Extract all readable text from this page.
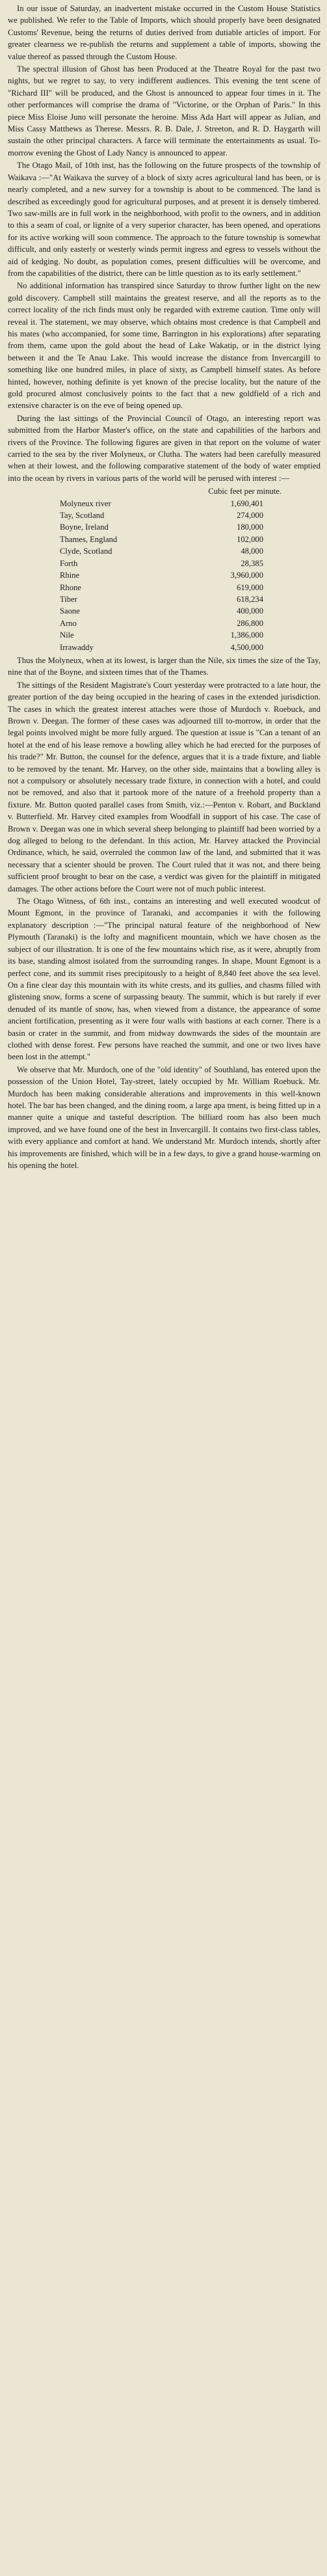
In our issue of Saturday, an inadvertent mistake occurred in the Custom House Statistics we published. We refer to the Table of Imports, which should properly have been designated Customs' Revenue, being the returns of duties derived from dutiable articles of import. For greater clearness we re-publish the returns and supplement a table of imports, showing the value thereof as passed through the Custom House.

The spectral illusion of Ghost has been Produced at the Theatre Royal for the past two nights, but we regret to say, to very indifferent audiences. This evening the tent scene of "Richard III" will be produced, and the Ghost is announced to appear four times in it. The other performances will comprise the drama of "Victorine, or the Orphan of Paris." In this piece Miss Eloise Juno will personate the heroine. Miss Ada Hart will appear as Julian, and Miss Cassy Matthews as Therese. Messrs. R. B. Dale, J. Streeton, and R. D. Haygarth will sustain the other principal characters. A farce will terminate the entertainments as usual. To-morrow evening the Ghost of Lady Nancy is announced to appear.

The Otago Mail, of 10th inst, has the following on the future prospects of the township of Waikava :—"At Waikava the survey of a block of sixty acres agricultural land has been, or is nearly completed, and a new survey for a township is about to be commenced. The land is described as exceedingly good for agricultural purposes, and at present it is densely timbered. Two saw-mills are in full work in the neighborhood, with profit to the owners, and in addition to this a seam of coal, or lignite of a very superior character, has been opened, and operations for its active working will soon commence. The approach to the future township is somewhat difficult, and only easterly or westerly winds permit ingress and egress to vessels without the aid of kedging. No doubt, as population comes, present difficulties will be overcome, and from the capabilities of the district, there can be little question as to its early settlement."

No additional information has transpired since Saturday to throw further light on the new gold discovery. Campbell still maintains the greatest reserve, and all the reports as to the correct locality of the rich finds must only be regarded with extreme caution. Time only will reveal it. The statement, we may observe, which obtains most credence is that Campbell and his mates (who accompanied, for some time, Barrington in his explorations) after separating from them, came upon the gold about the head of Lake Wakatip, or in the district lying between it and the Te Anau Lake. This would increase the distance from Invercargill to something like one hundred miles, in place of sixty, as Campbell himself states. As before hinted, however, nothing definite is yet known of the precise locality, but the nature of the gold procured almost conclusively points to the fact that a new goldfield of a rich and extensive character is on the eve of being opened up.

During the last sittings of the Provincial Council of Otago, an interesting report was submitted from the Harbor Master's office, on the state and capabilities of the harbors and rivers of the Province. The following figures are given in that report on the volume of water carried to the sea by the river Molyneux, or Clutha. The waters had been carefully measured when at their lowest, and the following comparative statement of the body of water emptied into the ocean by rivers in various parts of the world will be perused with interest :—

Cubic feet per minute.
Molyneux river	1,690,401
Tay, Scotland	274,000
Boyne, Ireland	180,000
Thames, England	102,000
Clyde, Scotland	48,000
Forth	28,385
Rhine	3,960,000
Rhone	619,000
Tiber	618,234
Saone	400,000
Arno	286,800
Nile	1,386,000
Irrawaddy	4,500,000

Thus the Molyneux, when at its lowest, is larger than the Nile, six times the size of the Tay, nine that of the Boyne, and sixteen times that of the Thames.

The sittings of the Resident Magistrate's Court yesterday were protracted to a late hour, the greater portion of the day being occupied in the hearing of cases in the extended jurisdiction. The cases in which the greatest interest attaches were those of Murdoch v. Roebuck, and Brown v. Deegan. The former of these cases was adjourned till to-morrow, in order that the legal points involved might be more fully argued. The question at issue is "Can a tenant of an hotel at the end of his lease remove a bowling alley which he had erected for the purposes of his trade?" Mr. Button, the counsel for the defence, argues that it is a trade fixture, and liable to be removed by the tenant. Mr. Harvey, on the other side, maintains that a bowling alley is not a compulsory or absolutely necessary trade fixture, in connection with a hotel, and could not be removed, and also that it partook more of the nature of a freehold property than a fixture. Mr. Button quoted parallel cases from Smith, viz.:—Penton v. Robart, and Buckland v. Butterfield. Mr. Harvey cited examples from Woodfall in support of his case. The case of Brown v. Deegan was one in which several sheep belonging to plaintiff had been worried by a dog alleged to belong to the defendant. In this action, Mr. Harvey attacked the Provincial Ordinance, which, he said, overruled the common law of the land, and submitted that it was necessary that a scienter should be proven. The Court ruled that it was not, and there being sufficient proof brought to bear on the case, a verdict was given for the plaintiff in mitigated damages. The other actions before the Court were not of much public interest.

The Otago Witness, of 6th inst., contains an interesting and well executed woodcut of Mount Egmont, in the province of Taranaki, and accompanies it with the following explanatory description :—"The principal natural feature of the neighborhood of New Plymouth (Taranaki) is the lofty and magnificent mountain, which we have chosen as the subject of our illustration. It is one of the few mountains which rise, as it were, abruptly from its base, standing almost isolated from the surrounding ranges. In shape, Mount Egmont is a perfect cone, and its summit rises precipitously to a height of 8,840 feet above the sea level. On a fine clear day this mountain with its white crests, and its gullies, and chasms filled with glistening snow, forms a scene of surpassing beauty. The summit, which is but rarely if ever denuded of its mantle of snow, has, when viewed from a distance, the appearance of some ancient fortification, presenting as it were four walls with bastions at each corner. There is a basin or crater in the summit, and from midway downwards the sides of the mountain are clothed with dense forest. Few persons have reached the summit, and one or two lives have been lost in the attempt."

We observe that Mr. Murdoch, one of the "old identity" of Southland, has entered upon the possession of the Union Hotel, Tay-street, lately occupied by Mr. William Roebuck. Mr. Murdoch has been making considerable alterations and improvements in this well-known hotel. The bar has been changed, and the dining room, a large apa tment, is being fitted up in a manner quite a unique and tasteful description. The billiard room has also been much improved, and we have found one of the best in Invercargill. It contains two first-class tables, with every appliance and comfort at hand. We understand Mr. Murdoch intends, shortly after his improvements are finished, which will be in a few days, to give a grand house-warming on his opening the hotel.
